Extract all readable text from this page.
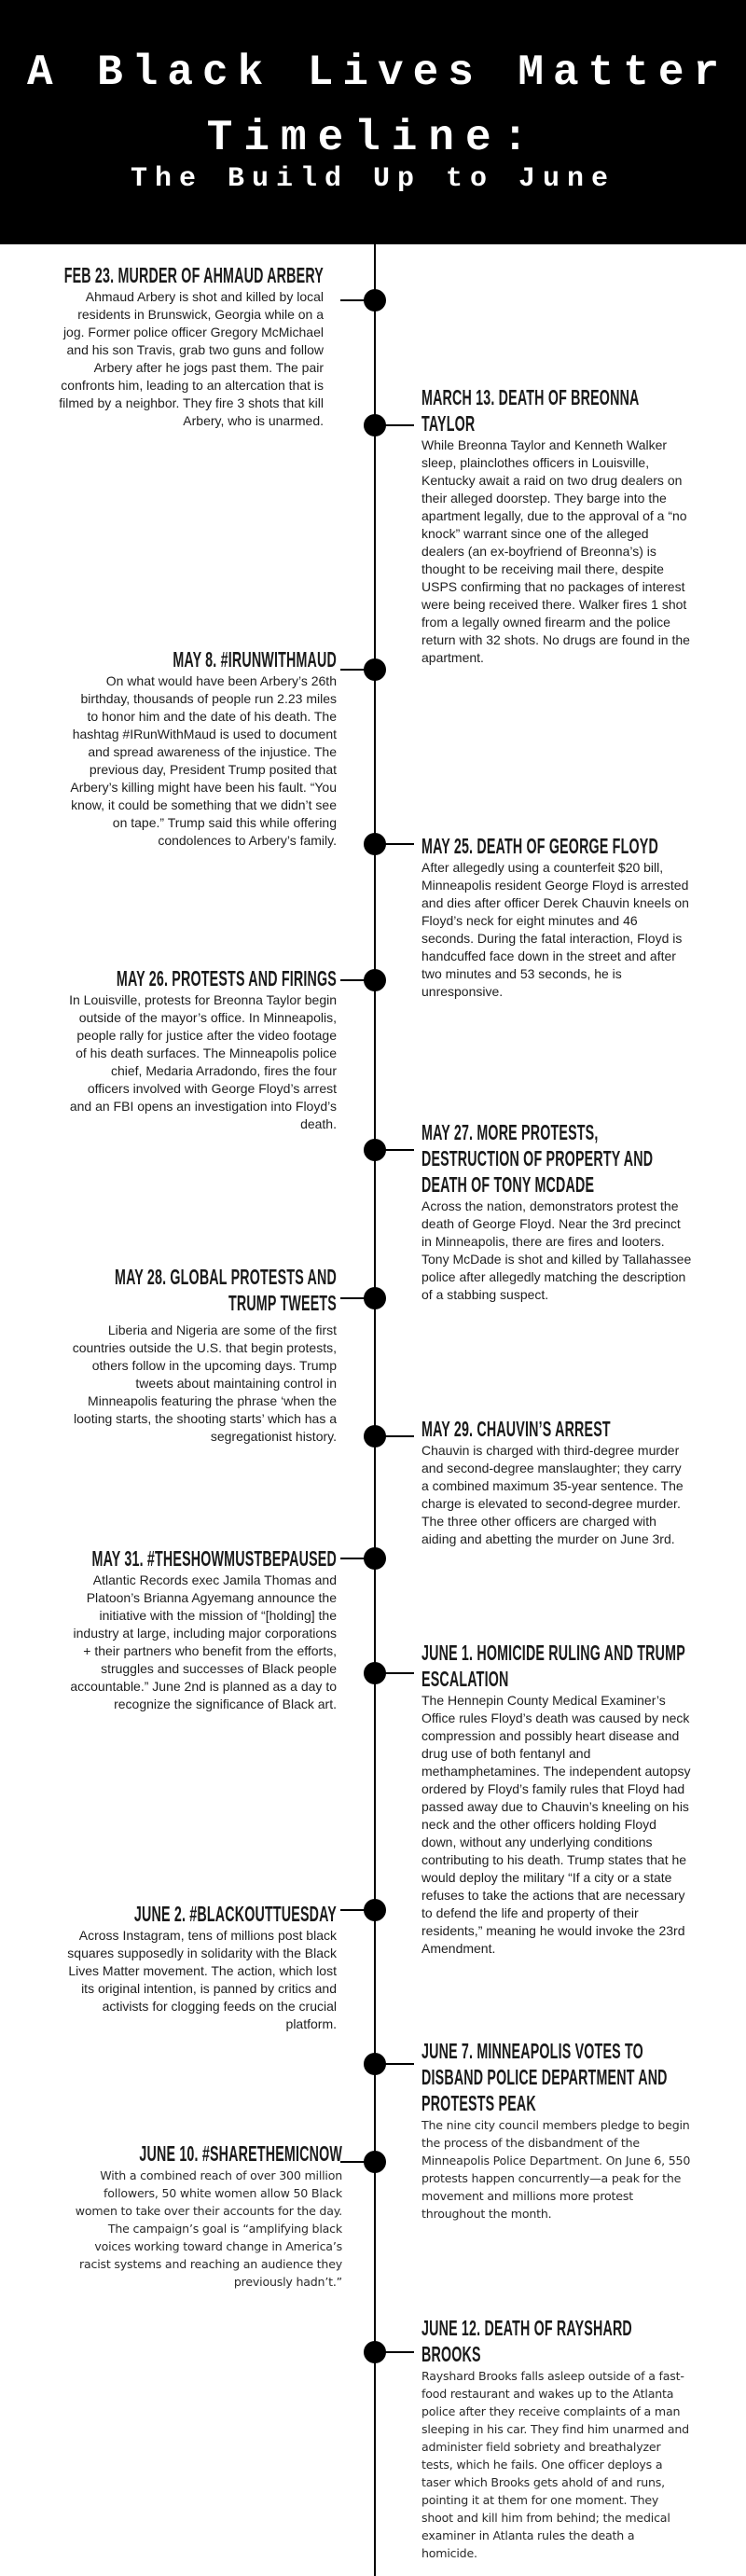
A Black Lives Matter
Timeline:
The Build Up to June
FEB 23. MURDER OF AHMAUD ARBERY
Ahmaud Arbery is shot and killed by local residents in Brunswick, Georgia while on a jog. Former police officer Gregory McMichael and his son Travis, grab two guns and follow Arbery after he jogs past them. The pair confronts him, leading to an altercation that is filmed by a neighbor. They fire 3 shots that kill Arbery, who is unarmed.
MARCH 13. DEATH OF BREONNA TAYLOR
While Breonna Taylor and Kenneth Walker sleep, plainclothes officers in Louisville, Kentucky await a raid on two drug dealers on their alleged doorstep. They barge into the apartment legally, due to the approval of a “no knock” warrant since one of the alleged dealers (an ex-boyfriend of Breonna’s) is thought to be receiving mail there, despite USPS confirming that no packages of interest were being received there. Walker fires 1 shot from a legally owned firearm and the police return with 32 shots. No drugs are found in the apartment.
MAY 8. #IRUNWITHMAUD
On what would have been Arbery’s 26th birthday, thousands of people run 2.23 miles to honor him and the date of his death. The hashtag #IRunWithMaud is used to document and spread awareness of the injustice. The previous day, President Trump posited that Arbery’s killing might have been his fault. “You know, it could be something that we didn’t see on tape.” Trump said this while offering condolences to Arbery’s family.	MAY 25. DEATH OF GEORGE FLOYD
After allegedly using a counterfeit $20 bill, Minneapolis resident George Floyd is arrested and dies after officer Derek Chauvin kneels on Floyd’s neck for eight minutes and 46 seconds. During the fatal interaction, Floyd is handcuffed face down in the street and after two minutes and 53 seconds, he is unresponsive.
MAY 26. PROTESTS AND FIRINGS
In Louisville, protests for Breonna Taylor begin outside of the mayor’s office. In Minneapolis, people rally for justice after the video footage of his death surfaces. The Minneapolis police chief, Medaria Arradondo, fires the four officers involved with George Floyd’s arrest and an FBI opens an investigation into Floyd’s death.	MAY 27. MORE PROTESTS, DESTRUCTION OF PROPERTY AND DEATH OF TONY MCDADE
Across the nation, demonstrators protest the death of George Floyd. Near the 3rd precinct in Minneapolis, there are fires and looters. Tony McDade is shot and killed by Tallahassee police after allegedly matching the description of a stabbing suspect.
MAY 28. GLOBAL PROTESTS AND TRUMP TWEETS
Liberia and Nigeria are some of the first countries outside the U.S. that begin protests, others follow in the upcoming days. Trump tweets about maintaining control in Minneapolis featuring the phrase ‘when the looting starts, the shooting starts’ which has a segregationist history.	MAY 29. CHAUVIN’S ARREST
Chauvin is charged with third-degree murder and second-degree manslaughter; they carry a combined maximum 35-year sentence. The charge is elevated to second-degree murder. The three other officers are charged with aiding and abetting the murder on June 3rd.
MAY 31. #THESHOWMUSTBEPAUSED
Atlantic Records exec Jamila Thomas and Platoon’s Brianna Agyemang announce the initiative with the mission of “[holding] the industry at large, including major corporations + their partners who benefit from the efforts, struggles and successes of Black people accountable.” June 2nd is planned as a day to recognize the significance of Black art.
JUNE 1. HOMICIDE RULING AND TRUMP ESCALATION
The Hennepin County Medical Examiner’s Office rules Floyd’s death was caused by neck compression and possibly heart disease and drug use of both fentanyl and methamphetamines. The independent autopsy ordered by Floyd’s family rules that Floyd had passed away due to Chauvin’s kneeling on his neck and the other officers holding Floyd down, without any underlying conditions contributing to his death. Trump states that he would deploy the military “If a city or a state refuses to take the actions that are necessary to defend the life and property of their residents,” meaning he would invoke the 23rd Amendment.
JUNE 2. #BLACKOUTTUESDAY
Across Instagram, tens of millions post black squares supposedly in solidarity with the Black Lives Matter movement. The action, which lost its original intention, is panned by critics and activists for clogging feeds on the crucial platform.
JUNE 7. MINNEAPOLIS VOTES TO DISBAND POLICE DEPARTMENT AND PROTESTS PEAK
The nine city council members pledge to begin the process of the disbandment of the Minneapolis Police Department. On June 6, 550 protests happen concurrently—a peak for the movement and millions more protest throughout the month.
JUNE 10. #SHARETHEMICNOW
With a combined reach of over 300 million followers, 50 white women allow 50 Black women to take over their accounts for the day. The campaign’s goal is “amplifying black voices working toward change in America’s racist systems and reaching an audience they previously hadn’t.”
JUNE 12. DEATH OF RAYSHARD BROOKS
Rayshard Brooks falls asleep outside of a fast-food restaurant and wakes up to the Atlanta police after they receive complaints of a man sleeping in his car. They find him unarmed and administer field sobriety and breathalyzer tests, which he fails. One officer deploys a taser which Brooks gets ahold of and runs, pointing it at them for one moment. They shoot and kill him from behind; the medical examiner in Atlanta rules the death a homicide.
